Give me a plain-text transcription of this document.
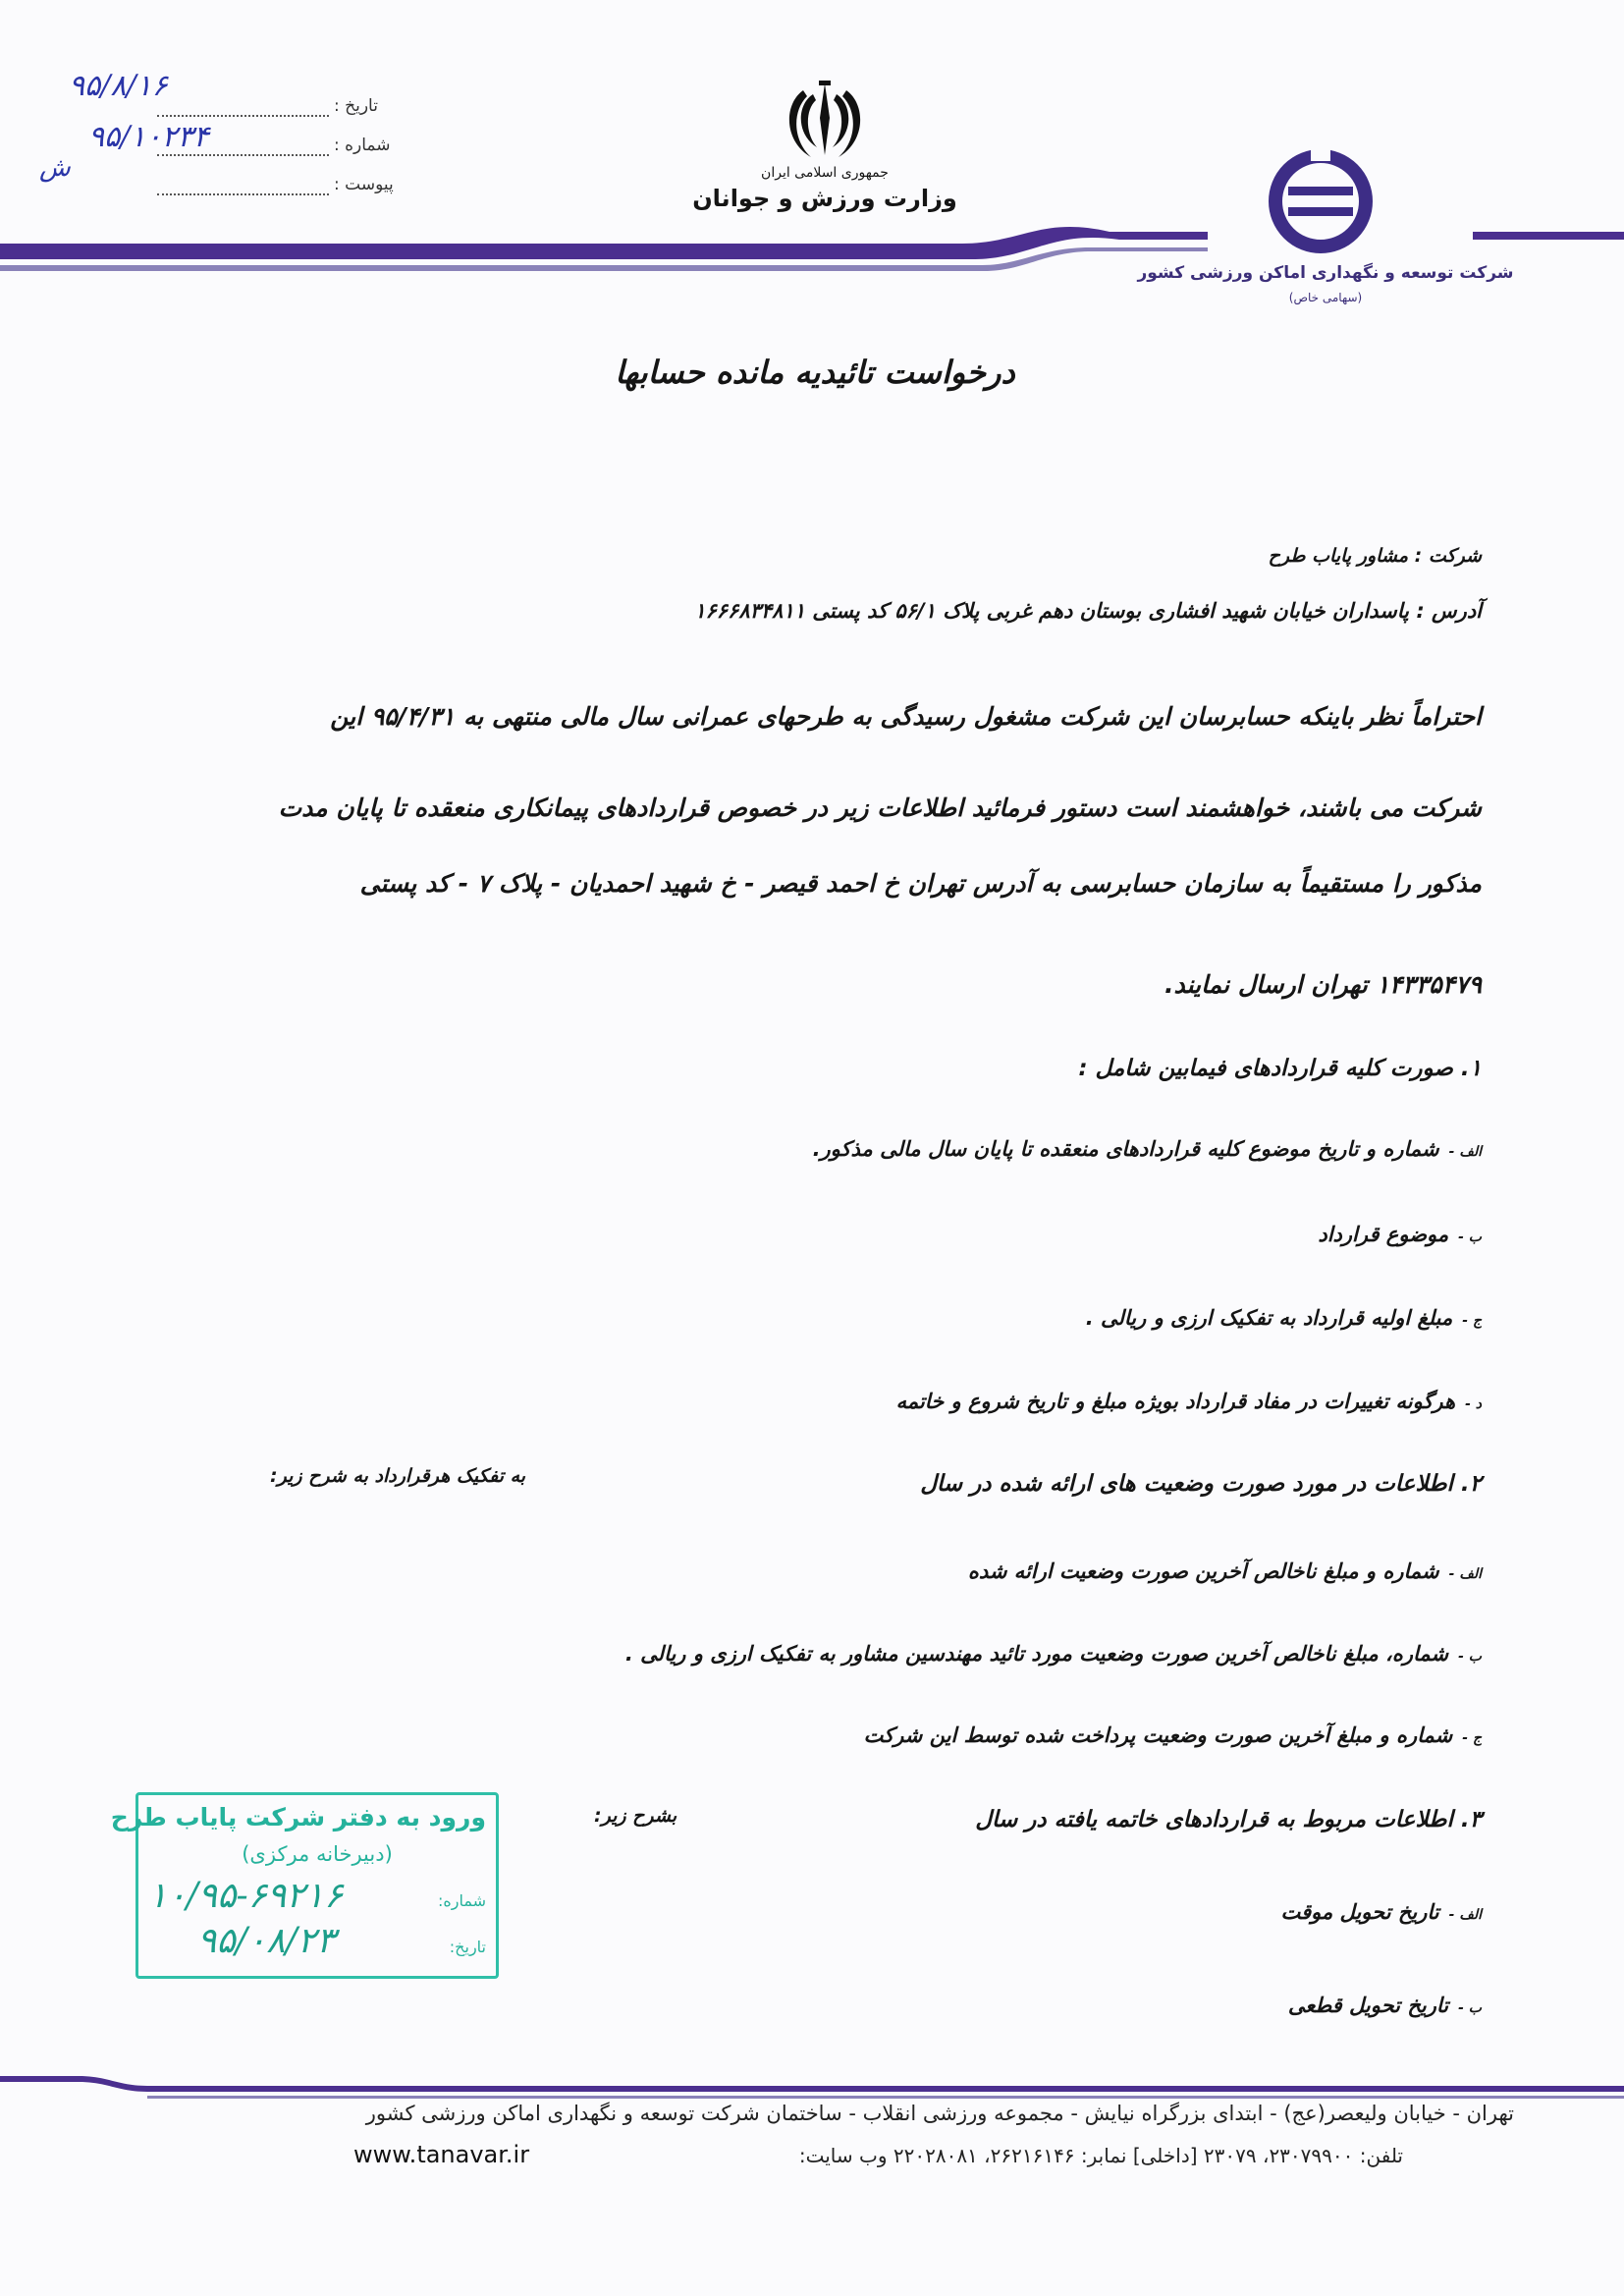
تاریخ :
شماره :
پیوست :
۹۵/۸/۱۶
۹۵/۱۰۲۳۴
ش	جمهوری اسلامی ایران
وزارت ورزش و جوانان
شرکت توسعه و نگهداری اماکن ورزشی کشور
(سهامی خاص)
درخواست تائیدیه مانده حسابها
شرکت : مشاور پایاب طرح
آدرس : پاسداران خیابان شهید افشاری بوستان دهم غربی پلاک ۵۶/۱ کد پستی ۱۶۶۶۸۳۴۸۱۱
احتراماً نظر باینکه حسابرسان این شرکت مشغول رسیدگی به طرحهای عمرانی سال مالی منتهی به ۹۵/۴/۳۱ این
شرکت می باشند، خواهشمند است دستور فرمائید اطلاعات زیر در خصوص قراردادهای پیمانکاری منعقده تا پایان مدت
مذکور را مستقیماً به سازمان حسابرسی به آدرس تهران خ احمد قیصر - خ شهید احمدیان - پلاک ۷ - کد پستی
۱۴۳۳۵۴۷۹ تهران ارسال نمایند.
۱. صورت کلیه قراردادهای فیمابین شامل :
الف -شماره و تاریخ موضوع کلیه قراردادهای منعقده تا پایان سال مالی مذکور.
ب -موضوع قرارداد
ج -مبلغ اولیه قرارداد به تفکیک ارزی و ریالی .
د -هرگونه تغییرات در مفاد قرارداد بویژه مبلغ و تاریخ شروع و خاتمه
۲. اطلاعات در مورد صورت وضعیت های ارائه شده در سال
به تفکیک هرقرارداد به شرح زیر:
الف -شماره و مبلغ ناخالص آخرین صورت وضعیت ارائه شده
ب -شماره، مبلغ ناخالص آخرین صورت وضعیت مورد تائید مهندسین مشاور به تفکیک ارزی و ریالی .
ج -شماره و مبلغ آخرین صورت وضعیت پرداخت شده توسط این شرکت
۳. اطلاعات مربوط به قراردادهای خاتمه یافته در سال
بشرح زیر:
الف -تاریخ تحویل موقت
ب -تاریخ تحویل قطعی
ورود به دفتر شرکت پایاب طرح
(دبیرخانه مرکزی)
شماره:
۱۰/۹۵-۶۹۲۱۶
تاریخ:
۹۵/۰۸/۲۳
تهران - خیابان ولیعصر(عج) - ابتدای بزرگراه نیایش - مجموعه ورزشی انقلاب - ساختمان شرکت توسعه و نگهداری اماکن ورزشی کشور
تلفن: ۲۳۰۷۹۹۰۰، ۲۳۰۷۹ [داخلی] نمابر: ۲۶۲۱۶۱۴۶، ۲۲۰۲۸۰۸۱ وب سایت:
www.tanavar.ir
